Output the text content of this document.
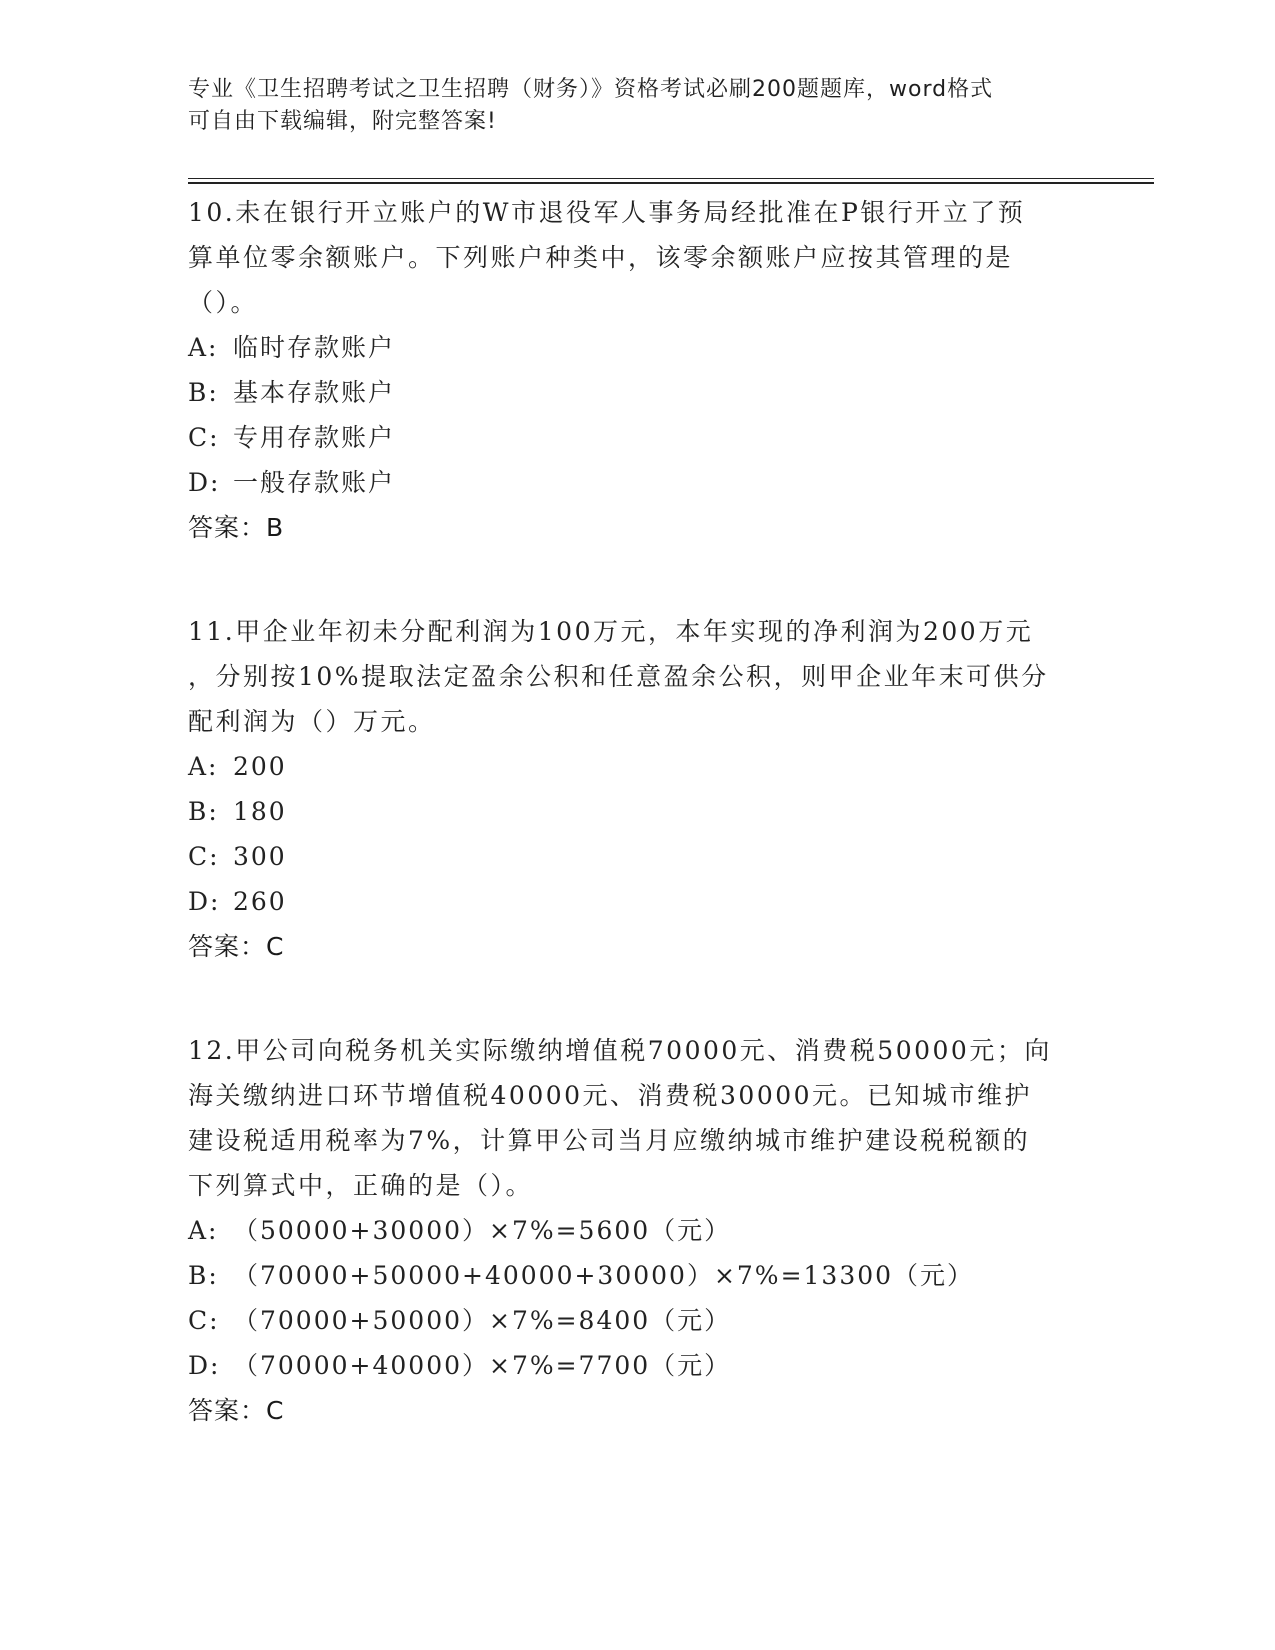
专业《卫生招聘考试之卫生招聘（财务）》资格考试必刷200题题库，word格式
可自由下载编辑，附完整答案!
10.未在银行开立账户的W市退役军人事务局经批准在P银行开立了预
算单位零余额账户。下列账户种类中，该零余额账户应按其管理的是
（）。
A: 临时存款账户
B: 基本存款账户
C: 专用存款账户
D: 一般存款账户
答案：B
11.甲企业年初未分配利润为100万元，本年实现的净利润为200万元
，分别按10%提取法定盈余公积和任意盈余公积，则甲企业年末可供分
配利润为（）万元。
A: 200
B: 180
C: 300
D: 260
答案：C
12.甲公司向税务机关实际缴纳增值税70000元、消费税50000元；向
海关缴纳进口环节增值税40000元、消费税30000元。已知城市维护
建设税适用税率为7%，计算甲公司当月应缴纳城市维护建设税税额的
下列算式中，正确的是（）。
A: （50000+30000）×7%=5600（元）
B: （70000+50000+40000+30000）×7%=13300（元）
C: （70000+50000）×7%=8400（元）
D: （70000+40000）×7%=7700（元）
答案：C
